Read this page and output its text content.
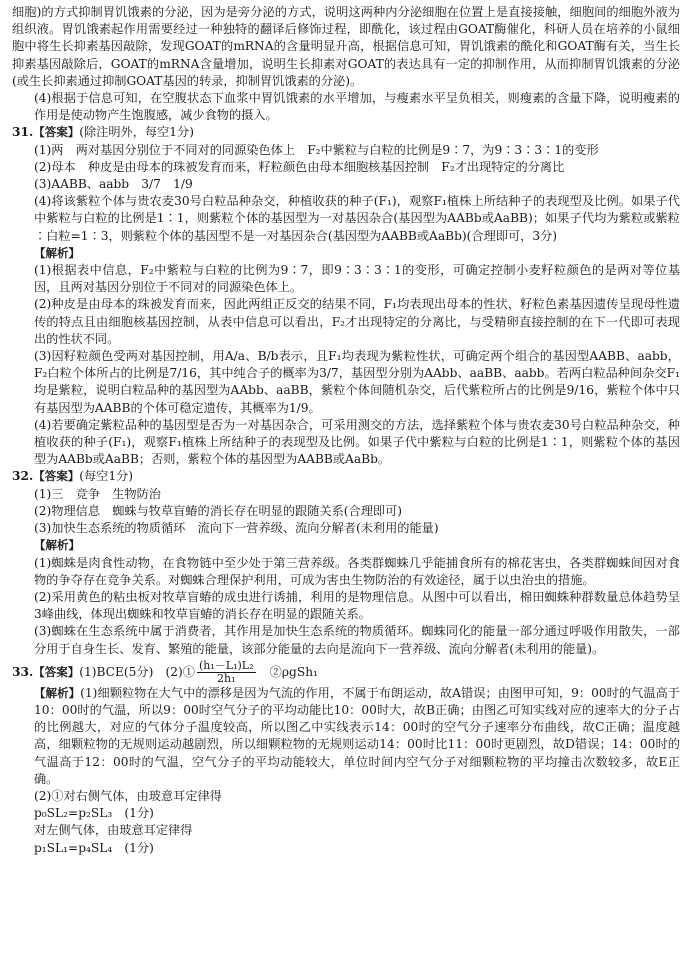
细胞)的方式抑制胃饥饿素的分泌，因为是旁分泌的方式，说明这两种内分泌细胞在位置上是直接接触，细胞间的细胞外液为组织液。胃饥饿素起作用需要经过一种独特的翻译后修饰过程，即酰化，该过程由GOAT酶催化，科研人员在培养的小鼠细胞中将生长抑素基因敲除，发现GOAT的mRNA的含量明显升高，根据信息可知，胃饥饿素的酰化和GOAT酶有关，当生长抑素基因敲除后，GOAT的mRNA含量增加，说明生长抑素对GOAT的表达具有一定的抑制作用，从而抑制胃饥饿素的分泌(或生长抑素通过抑制GOAT基因的转录，抑制胃饥饿素的分泌)。

(4)根据于信息可知，在空腹状态下血浆中胃饥饿素的水平增加，与瘦素水平呈负相关，则瘦素的含量下降，说明瘦素的作用是使动物产生饱腹感，减少食物的摄入。

31.【答案】(除注明外，每空1分)

(1)两　两对基因分别位于不同对的同源染色体上　F₂中紫粒与白粒的比例是9∶7，为9∶3∶3∶1的变形

(2)母本　种皮是由母本的珠被发育而来，籽粒颜色由母本细胞核基因控制　F₂才出现特定的分离比

(3)AABB、aabb　3/7　1/9

(4)将该紫粒个体与贵农麦30号白粒品种杂交，种植收获的种子(F₁)，观察F₁植株上所结种子的表现型及比例。如果子代中紫粒与白粒的比例是1∶1，则紫粒个体的基因型为一对基因杂合(基因型为AABb或AaBB)；如果子代均为紫粒或紫粒∶白粒=1∶3，则紫粒个体的基因型不是一对基因杂合(基因型为AABB或AaBb)(合理即可，3分)

【解析】

(1)根据表中信息，F₂中紫粒与白粒的比例为9∶7，即9∶3∶3∶1的变形，可确定控制小麦籽粒颜色的是两对等位基因，且两对基因分别位于不同对的同源染色体上。

(2)种皮是由母本的珠被发育而来，因此两组正反交的结果不同，F₁均表现出母本的性状，籽粒色素基因遗传呈现母性遗传的特点且由细胞核基因控制，从表中信息可以看出，F₂才出现特定的分离比，与受精卵直接控制的在下一代即可表现出的性状不同。

(3)因籽粒颜色受两对基因控制，用A/a、B/b表示，且F₁均表现为紫粒性状，可确定两个组合的基因型AABB、aabb，F₂白粒个体所占的比例是7/16，其中纯合子的概率为3/7，基因型分别为AAbb、aaBB、aabb。若两白粒品种间杂交F₁均是紫粒，说明白粒品种的基因型为AAbb、aaBB，紫粒个体间随机杂交，后代紫粒所占的比例是9/16，紫粒个体中只有基因型为AABB的个体可稳定遗传，其概率为1/9。

(4)若要确定紫粒品种的基因型是否为一对基因杂合，可采用测交的方法，选择紫粒个体与贵农麦30号白粒品种杂交，种植收获的种子(F₁)，观察F₁植株上所结种子的表现型及比例。如果子代中紫粒与白粒的比例是1∶1，则紫粒个体的基因型为AABb或AaBB；否则，紫粒个体的基因型为AABB或AaBb。

32.【答案】(每空1分)

(1)三　竞争　生物防治

(2)物理信息　蜘蛛与牧草盲蝽的消长存在明显的跟随关系(合理即可)

(3)加快生态系统的物质循环　流向下一营养级、流向分解者(未利用的能量)

【解析】

(1)蜘蛛是肉食性动物，在食物链中至少处于第三营养级。各类群蜘蛛几乎能捕食所有的棉花害虫，各类群蜘蛛间因对食物的争夺存在竞争关系。对蜘蛛合理保护利用，可成为害虫生物防治的有效途径，属于以虫治虫的措施。

(2)采用黄色的粘虫板对牧草盲蝽的成虫进行诱捕，利用的是物理信息。从图中可以看出，棉田蜘蛛种群数量总体趋势呈3峰曲线，体现出蜘蛛和牧草盲蝽的消长存在明显的跟随关系。

(3)蜘蛛在生态系统中属于消费者，其作用是加快生态系统的物质循环。蜘蛛同化的能量一部分通过呼吸作用散失，一部分用于自身生长、发育、繁殖的能量，该部分能量的去向是流向下一营养级、流向分解者(未利用的能量)。

33.【答案】(1)BCE(5分)　(2)① $\frac{\text{(h₁－L₁)L₂}}{\text{2h₁}}$ 　②ρgSh₁

【解析】(1)细颗粒物在大气中的漂移是因为气流的作用，不属于布朗运动，故A错误；由图甲可知，9：00时的气温高于10：00时的气温，所以9：00时空气分子的平均动能比10：00时大，故B正确；由图乙可知实线对应的速率大的分子占的比例越大，对应的气体分子温度较高，所以图乙中实线表示14：00时的空气分子速率分布曲线，故C正确；温度越高，细颗粒物的无规则运动越剧烈，所以细颗粒物的无规则运动14：00时比11：00时更剧烈，故D错误；14：00时的气温高于12：00时的气温，空气分子的平均动能较大，单位时间内空气分子对细颗粒物的平均撞击次数较多，故E正确。

(2)①对右侧气体，由玻意耳定律得

p₀SL₂=p₂SL₃　(1分)

对左侧气体，由玻意耳定律得

p₁SL₁=p₄SL₄　(1分)
